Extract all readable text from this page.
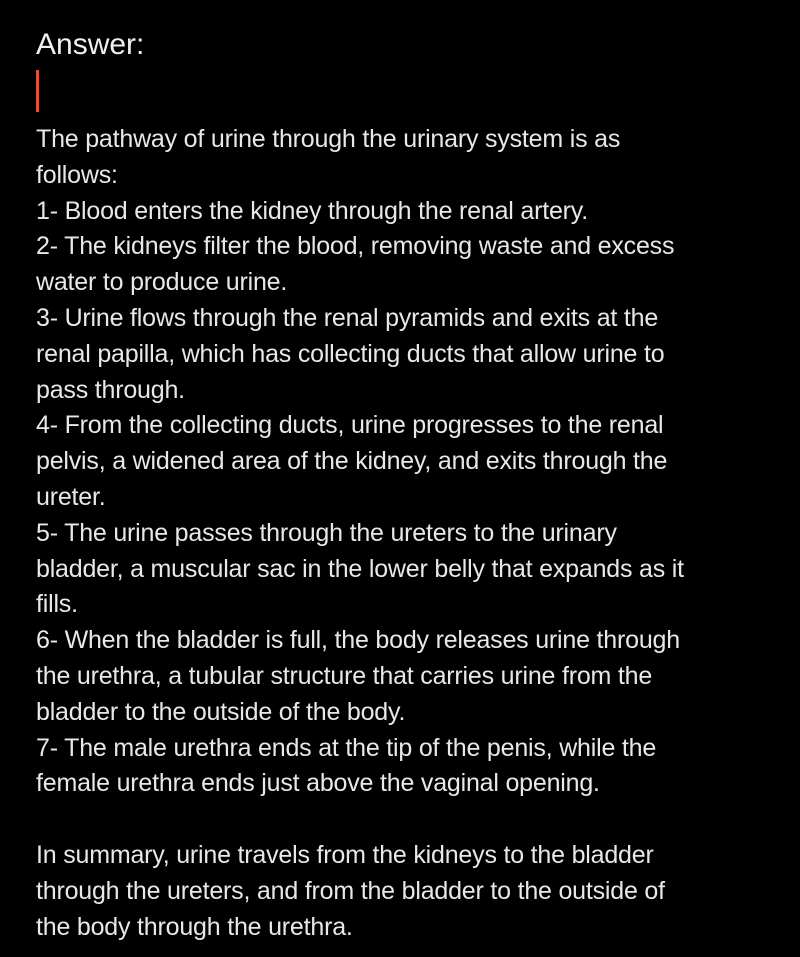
Answer:
The pathway of urine through the urinary system is as
follows:
1- Blood enters the kidney through the renal artery.
2- The kidneys filter the blood, removing waste and excess
water to produce urine.
3- Urine flows through the renal pyramids and exits at the
renal papilla, which has collecting ducts that allow urine to
pass through.
4- From the collecting ducts, urine progresses to the renal
pelvis, a widened area of the kidney, and exits through the
ureter.
5- The urine passes through the ureters to the urinary
bladder, a muscular sac in the lower belly that expands as it
fills.
6- When the bladder is full, the body releases urine through
the urethra, a tubular structure that carries urine from the
bladder to the outside of the body.
7- The male urethra ends at the tip of the penis, while the
female urethra ends just above the vaginal opening.
In summary, urine travels from the kidneys to the bladder
through the ureters, and from the bladder to the outside of
the body through the urethra.
